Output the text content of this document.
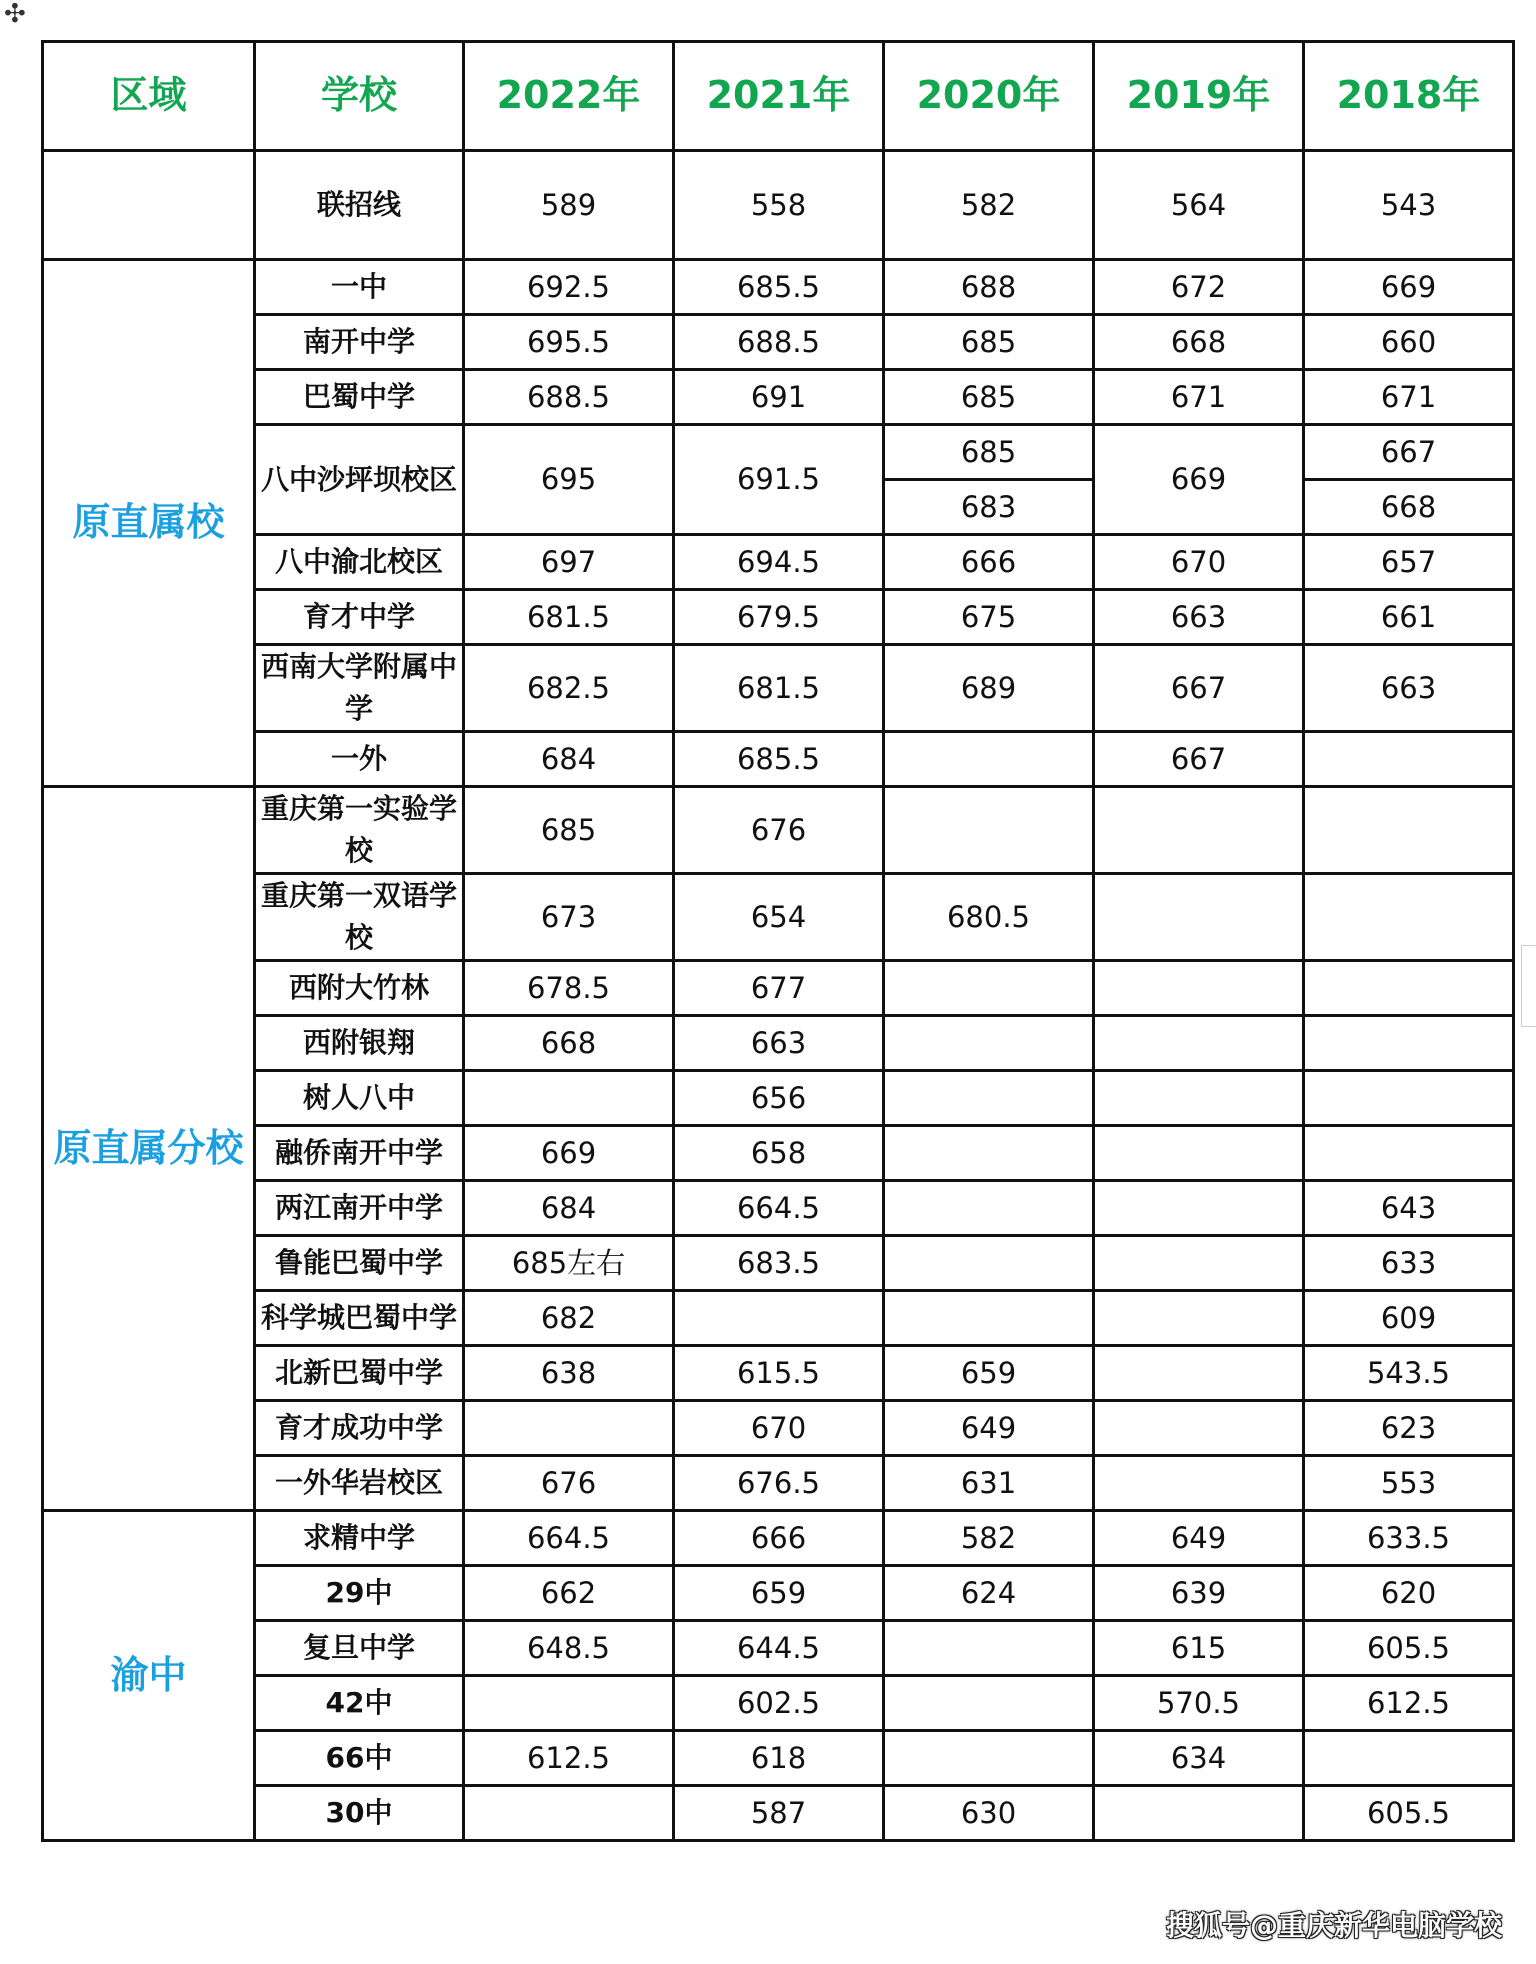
✣
区域	学校	2022年	2021年	2020年	2019年	2018年
	联招线	589	558	582	564	543
原直属校	一中	692.5	685.5	688	672	669
	南开中学	695.5	688.5	685	668	660
	巴蜀中学	688.5	691	685	671	671
	八中沙坪坝校区	695	691.5	685	669	667
				683		668
	八中渝北校区	697	694.5	666	670	657
	育才中学	681.5	679.5	675	663	661
	西南大学附属中学	682.5	681.5	689	667	663

	一外	684	685.5		667	
原直属分校	重庆第一实验学校	685	676			

	重庆第一双语学校	673	654	680.5		

	西附大竹林	678.5	677			
	西附银翔	668	663			
	树人八中		656			
	融侨南开中学	669	658			
	两江南开中学	684	664.5			643
	鲁能巴蜀中学	685左右	683.5			633
	科学城巴蜀中学	682				609

	北新巴蜀中学	638	615.5	659		543.5
	育才成功中学		670	649		623
	一外华岩校区	676	676.5	631		553
渝中	求精中学	664.5	666	582	649	633.5
	29中	662	659	624	639	620
	复旦中学	648.5	644.5		615	605.5
	42中		602.5		570.5	612.5
	66中	612.5	618		634	
	30中		587	630		605.5
搜狐号@重庆新华电脑学校
